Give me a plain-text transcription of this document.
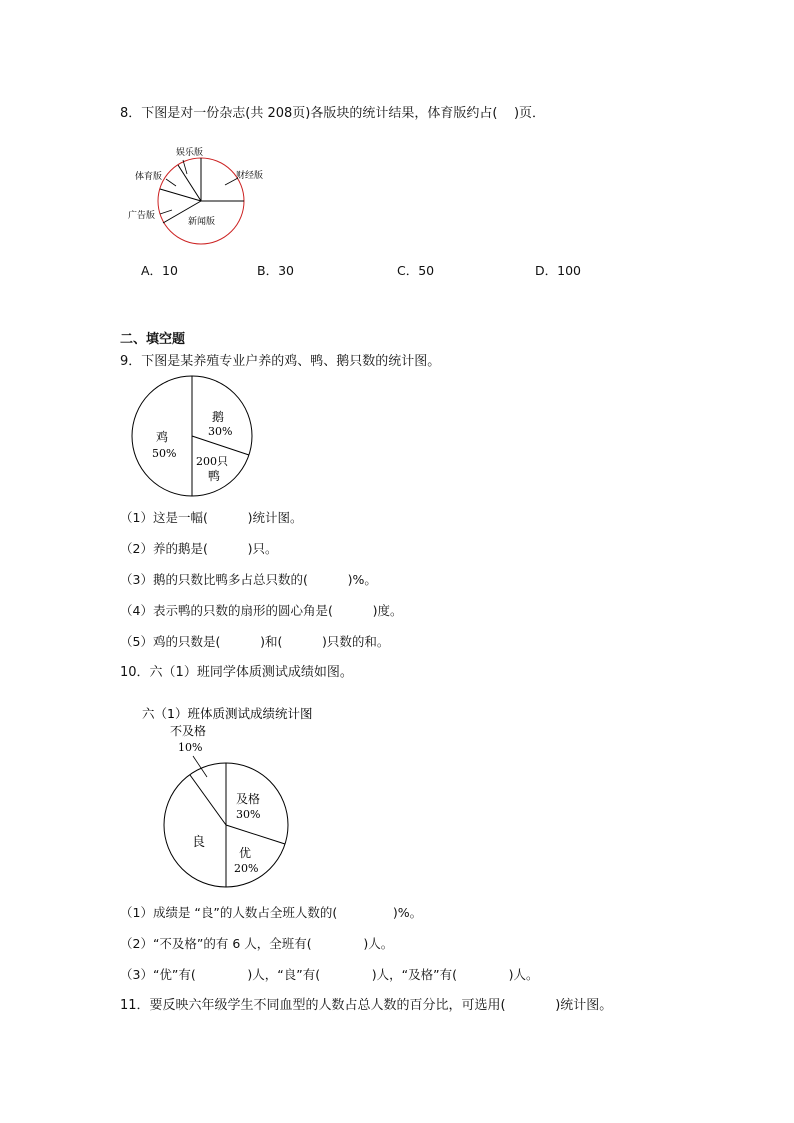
8．下图是对一份杂志(共 208页)各版块的统计结果，体育版约占(    )页．
娱乐版
体育版	财经版
广告版
新闻版
A．10	B．30	C．50	D．100
二、填空题
9．下图是某养殖专业户养的鸡、鸭、鹅只数的统计图。
鸡
50%
鹅
30%
200只
鸭
（1）这是一幅(          )统计图。
（2）养的鹅是(          )只。
（3）鹅的只数比鸭多占总只数的(          )%。
（4）表示鸭的只数的扇形的圆心角是(          )度。
（5）鸡的只数是(          )和(          )只数的和。
10．六（1）班同学体质测试成绩如图。
六（1）班体质测试成绩统计图
不及格
10%
及格
30%
良
优
20%
（1）成绩是 “良”的人数占全班人数的(              )%。
（2）“不及格”的有 6 人，全班有(             )人。
（3）“优”有(             )人，“良”有(             )人，“及格”有(             )人。
11．要反映六年级学生不同血型的人数占总人数的百分比，可选用(            )统计图。
